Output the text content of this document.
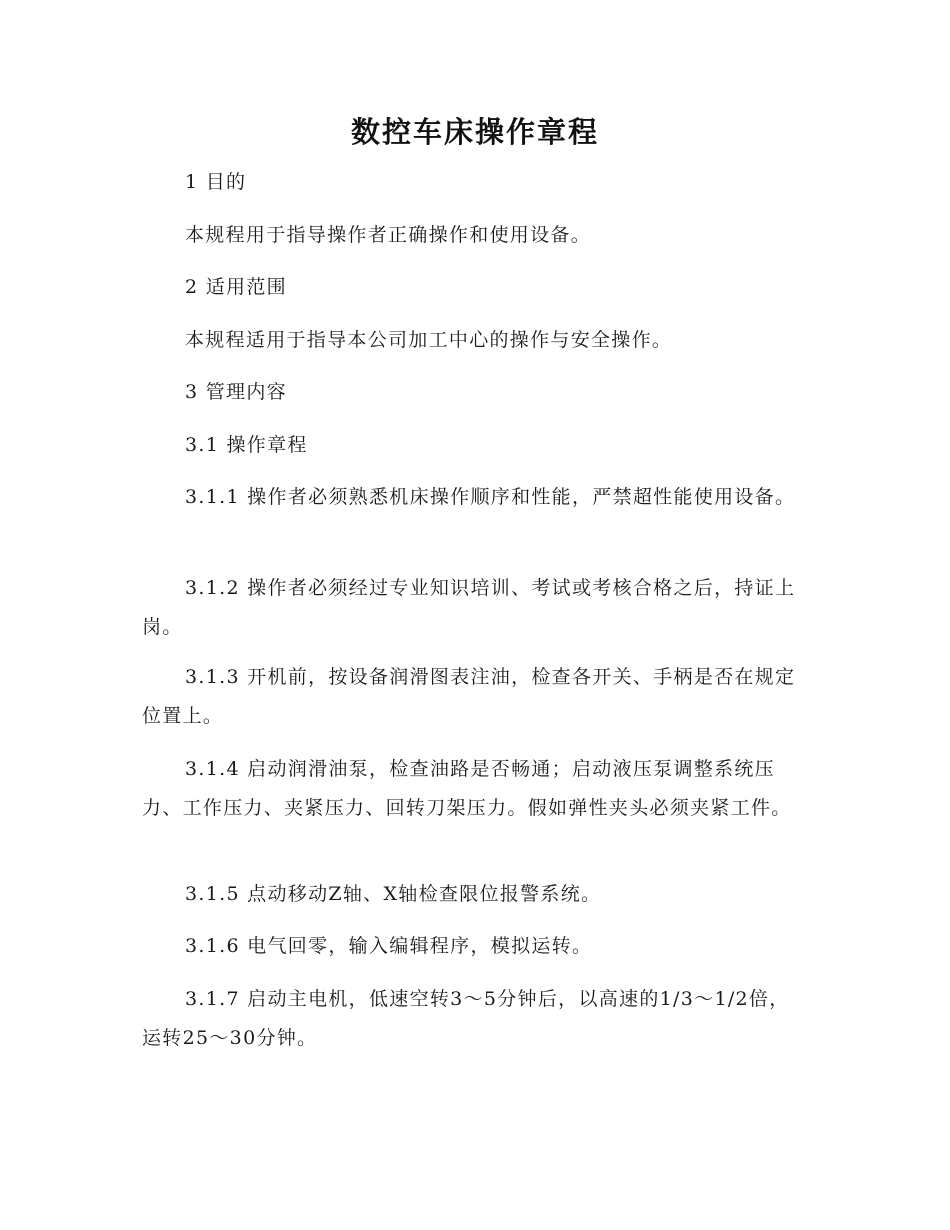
数控车床操作章程

1 目的

本规程用于指导操作者正确操作和使用设备。

2 适用范围

本规程适用于指导本公司加工中心的操作与安全操作。

3 管理内容

3.1 操作章程

3.1.1 操作者必须熟悉机床操作顺序和性能，严禁超性能使用设备。

3.1.2 操作者必须经过专业知识培训、考试或考核合格之后，持证上岗。

3.1.3 开机前，按设备润滑图表注油，检查各开关、手柄是否在规定位置上。

3.1.4 启动润滑油泵，检查油路是否畅通；启动液压泵调整系统压力、工作压力、夹紧压力、回转刀架压力。假如弹性夹头必须夹紧工件。

3.1.5 点动移动Z轴、X轴检查限位报警系统。

3.1.6 电气回零，输入编辑程序，模拟运转。

3.1.7 启动主电机，低速空转3～5分钟后，以高速的1/3～1/2倍，运转25～30分钟。
